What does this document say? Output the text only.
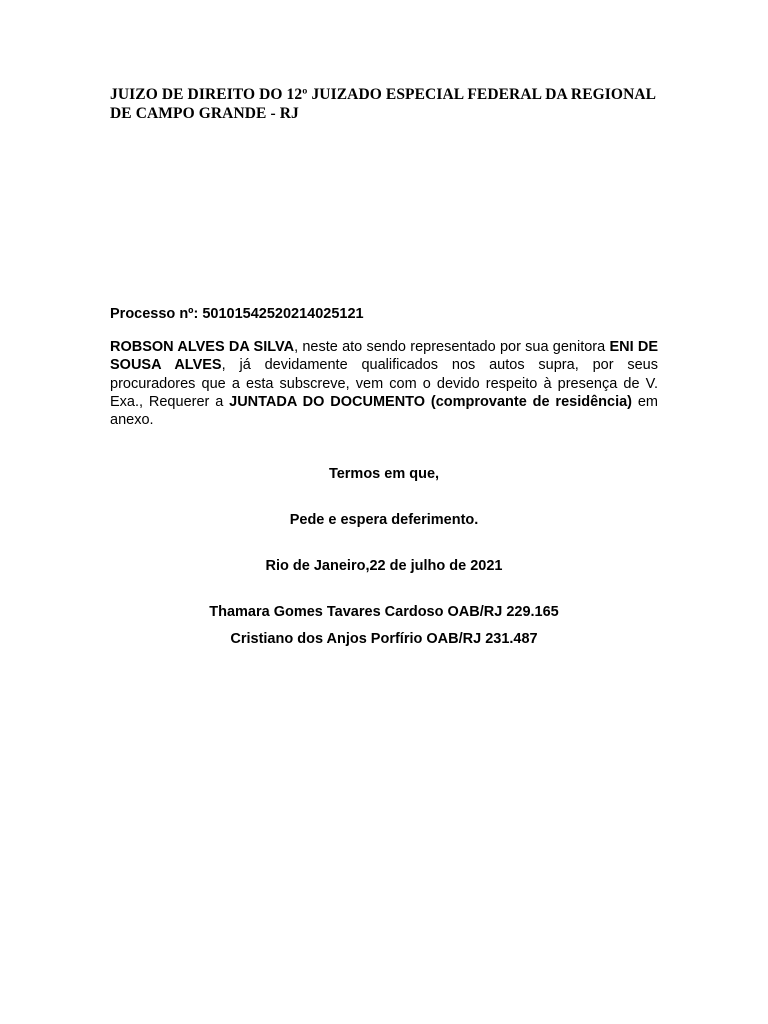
JUIZO DE DIREITO DO 12º JUIZADO ESPECIAL FEDERAL DA REGIONAL
DE CAMPO GRANDE - RJ
Processo nº: 50101542520214025121

ROBSON ALVES DA SILVA, neste ato sendo representado por sua genitora ENI DE SOUSA ALVES, já devidamente qualificados nos autos supra, por seus procuradores que a esta subscreve, vem com o devido respeito à presença de V. Exa., Requerer a JUNTADA DO DOCUMENTO (comprovante de residência) em anexo.

Termos em que,
Pede e espera deferimento.
Rio de Janeiro,22 de julho de 2021
Thamara Gomes Tavares Cardoso OAB/RJ 229.165
Cristiano dos Anjos Porfírio OAB/RJ 231.487
